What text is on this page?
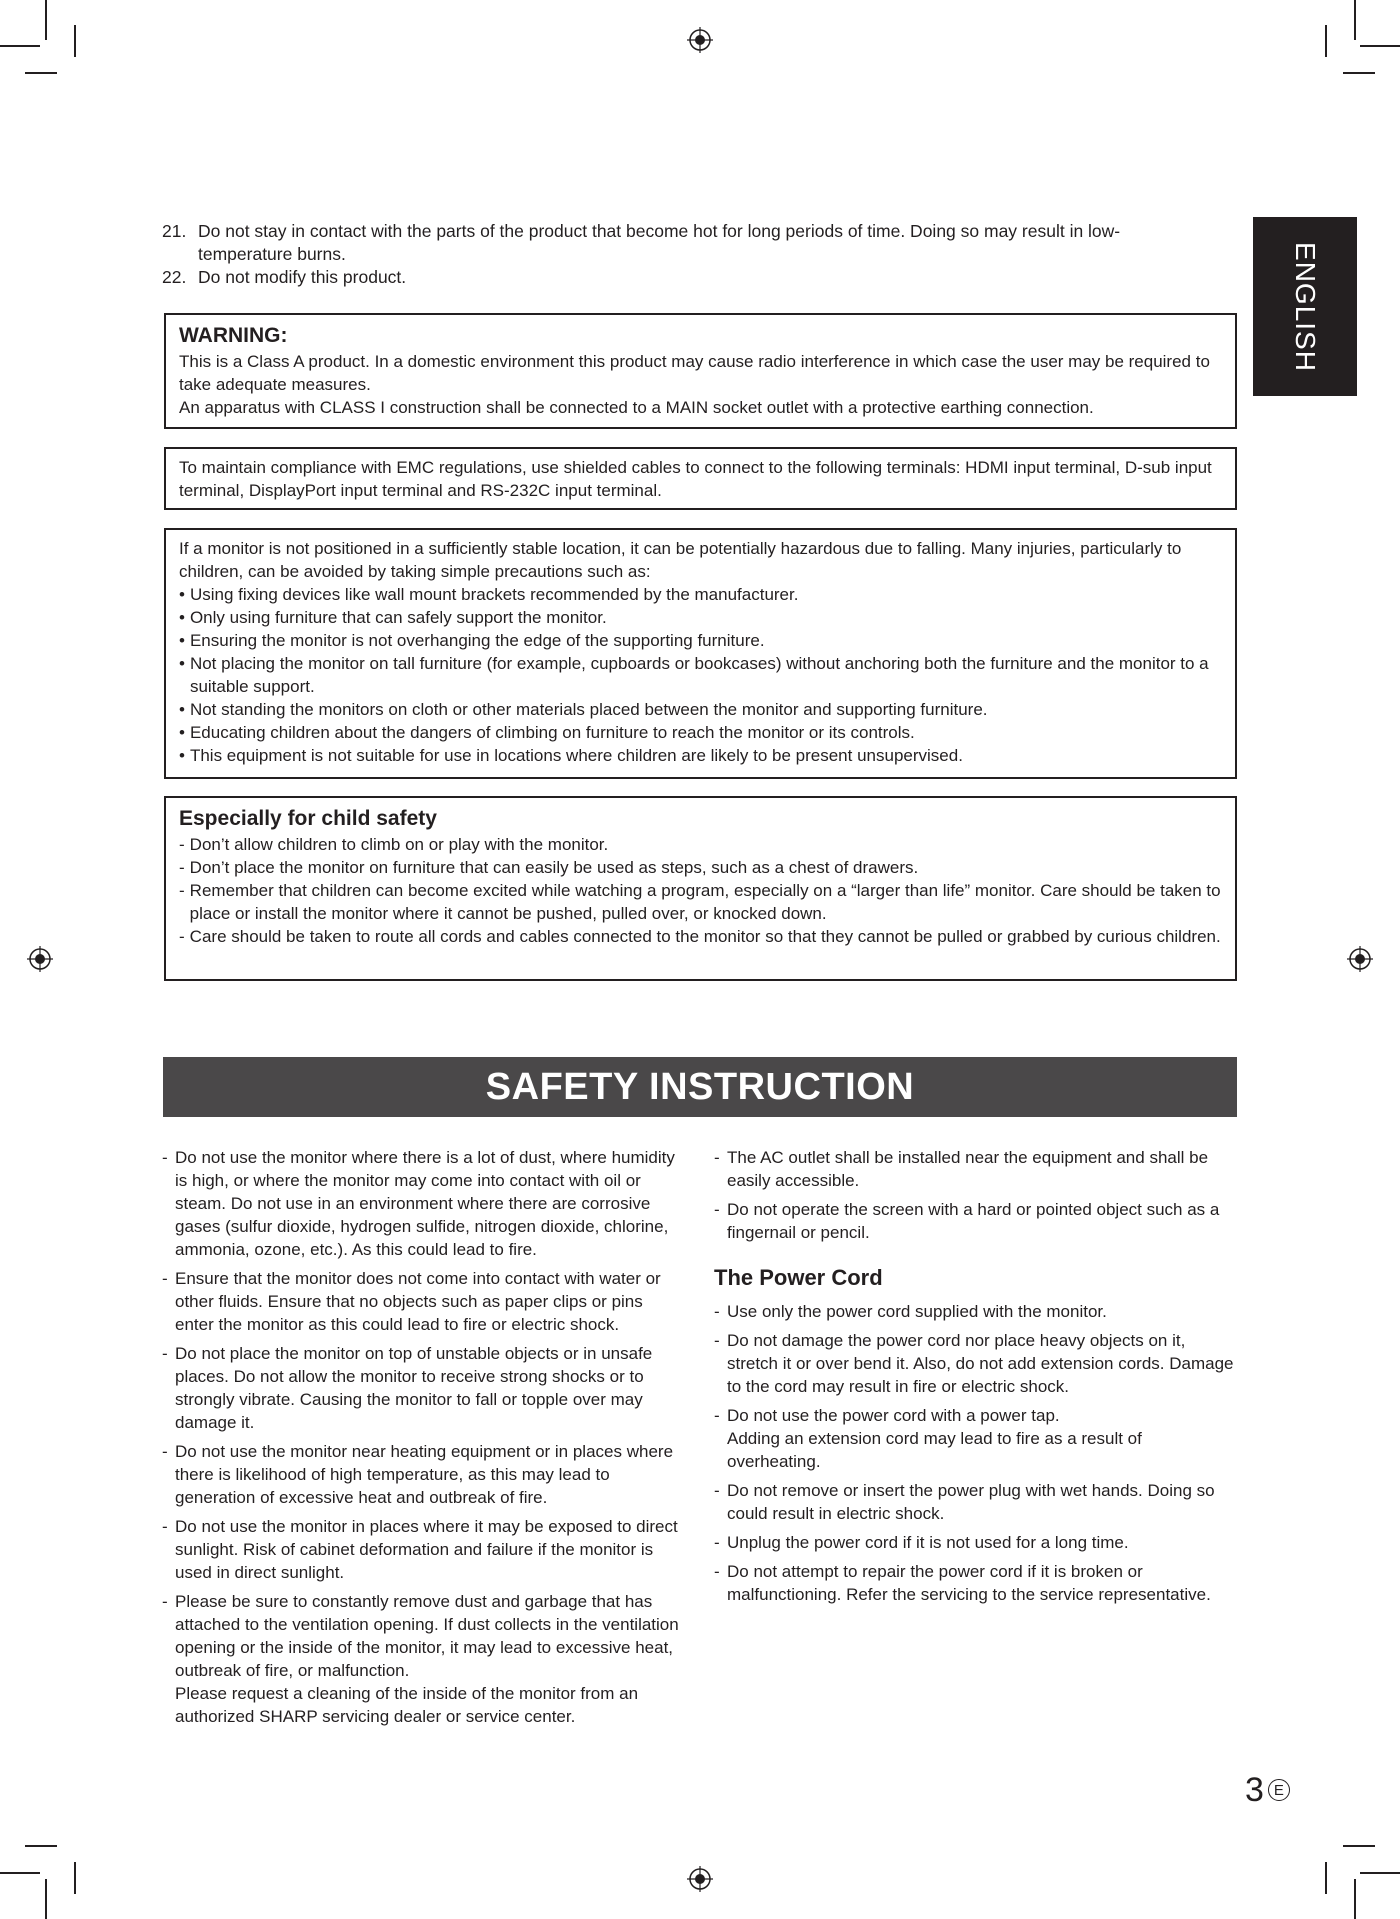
ENGLISH
21. Do not stay in contact with the parts of the product that become hot for long periods of time. Doing so may result in low-temperature burns.
22. Do not modify this product.

WARNING:

This is a Class A product. In a domestic environment this product may cause radio interference in which case the user may be required to take adequate measures.

An apparatus with CLASS I construction shall be connected to a MAIN socket outlet with a protective earthing connection.

To maintain compliance with EMC regulations, use shielded cables to connect to the following terminals: HDMI input terminal, D-sub input terminal, DisplayPort input terminal and RS-232C input terminal.

If a monitor is not positioned in a sufficiently stable location, it can be potentially hazardous due to falling. Many injuries, particularly to children, can be avoided by taking simple precautions such as:

• Using fixing devices like wall mount brackets recommended by the manufacturer.
• Only using furniture that can safely support the monitor.
• Ensuring the monitor is not overhanging the edge of the supporting furniture.
• Not placing the monitor on tall furniture (for example, cupboards or bookcases) without anchoring both the furniture and the monitor to a suitable support.
• Not standing the monitors on cloth or other materials placed between the monitor and supporting furniture.
• Educating children about the dangers of climbing on furniture to reach the monitor or its controls.
• This equipment is not suitable for use in locations where children are likely to be present unsupervised.

Especially for child safety

- Don’t allow children to climb on or play with the monitor.
- Don’t place the monitor on furniture that can easily be used as steps, such as a chest of drawers.
- Remember that children can become excited while watching a program, especially on a “larger than life” monitor. Care should be taken to place or install the monitor where it cannot be pushed, pulled over, or knocked down.
- Care should be taken to route all cords and cables connected to the monitor so that they cannot be pulled or grabbed by curious children.
SAFETY INSTRUCTION
- Do not use the monitor where there is a lot of dust, where humidity is high, or where the monitor may come into contact with oil or steam. Do not use in an environment where there are corrosive gases (sulfur dioxide, hydrogen sulfide, nitrogen dioxide, chlorine, ammonia, ozone, etc.). As this could lead to fire.
- Ensure that the monitor does not come into contact with water or other fluids. Ensure that no objects such as paper clips or pins enter the monitor as this could lead to fire or electric shock.
- Do not place the monitor on top of unstable objects or in unsafe places. Do not allow the monitor to receive strong shocks or to strongly vibrate. Causing the monitor to fall or topple over may damage it.
- Do not use the monitor near heating equipment or in places where there is likelihood of high temperature, as this may lead to generation of excessive heat and outbreak of fire.
- Do not use the monitor in places where it may be exposed to direct sunlight. Risk of cabinet deformation and failure if the monitor is used in direct sunlight.
- Please be sure to constantly remove dust and garbage that has attached to the ventilation opening. If dust collects in the ventilation opening or the inside of the monitor, it may lead to excessive heat, outbreak of fire, or malfunction.
Please request a cleaning of the inside of the monitor from an authorized SHARP servicing dealer or service center.
- The AC outlet shall be installed near the equipment and shall be easily accessible.
- Do not operate the screen with a hard or pointed object such as a fingernail or pencil.
The Power Cord
- Use only the power cord supplied with the monitor.
- Do not damage the power cord nor place heavy objects on it, stretch it or over bend it. Also, do not add extension cords. Damage to the cord may result in fire or electric shock.
- Do not use the power cord with a power tap.
Adding an extension cord may lead to fire as a result of overheating.
- Do not remove or insert the power plug with wet hands. Doing so could result in electric shock.
- Unplug the power cord if it is not used for a long time.
- Do not attempt to repair the power cord if it is broken or malfunctioning. Refer the servicing to the service representative.
3 E
